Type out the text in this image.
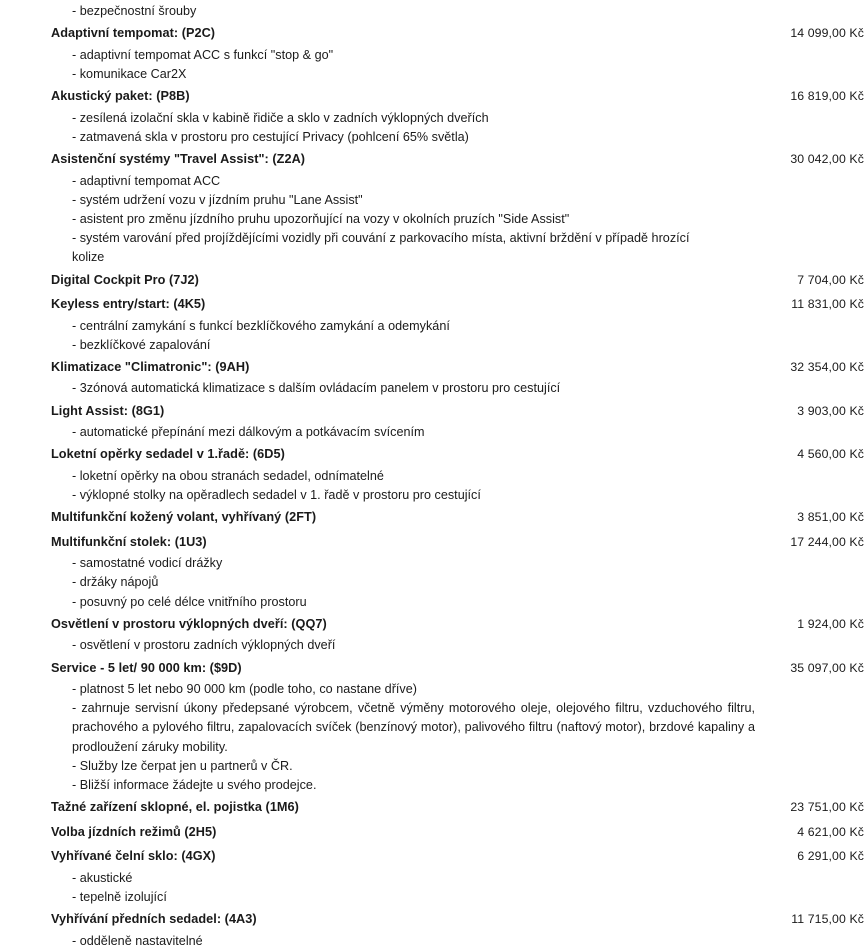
- bezpečnostní šrouby
Adaptivní tempomat: (P2C)	14 099,00 Kč
- adaptivní tempomat ACC s funkcí "stop & go"
- komunikace Car2X
Akustický paket: (P8B)	16 819,00 Kč
- zesílená izolační skla v kabině řidiče a sklo v zadních výklopných dveřích
- zatmavená skla v prostoru pro cestující Privacy (pohlcení 65% světla)
Asistenční systémy "Travel Assist": (Z2A)	30 042,00 Kč
- adaptivní tempomat ACC
- systém udržení vozu v jízdním pruhu "Lane Assist"
- asistent pro změnu jízdního pruhu upozorňující na vozy v okolních pruzích "Side Assist"
- systém varování před projíždějícími vozidly při couvání z parkovacího místa, aktivní brždění v případě hrozící
kolize
Digital Cockpit Pro (7J2)	7 704,00 Kč
Keyless entry/start: (4K5)	11 831,00 Kč
- centrální zamykání s funkcí bezklíčkového zamykání a odemykání
- bezklíčkové zapalování
Klimatizace "Climatronic": (9AH)	32 354,00 Kč
- 3zónová automatická klimatizace s dalším ovládacím panelem v prostoru pro cestující
Light Assist: (8G1)	3 903,00 Kč
- automatické přepínání mezi dálkovým a potkávacím svícením
Loketní opěrky sedadel v 1.řadě: (6D5)	4 560,00 Kč
- loketní opěrky na obou stranách sedadel, odnímatelné
- výklopné stolky na opěradlech sedadel v 1. řadě v prostoru pro cestující
Multifunkční kožený volant, vyhřívaný (2FT)	3 851,00 Kč
Multifunkční stolek: (1U3)	17 244,00 Kč
- samostatné vodicí drážky
- držáky nápojů
- posuvný po celé délce vnitřního prostoru
Osvětlení v prostoru výklopných dveří: (QQ7)	1 924,00 Kč
- osvětlení v prostoru zadních výklopných dveří
Service - 5 let/ 90 000 km: ($9D)	35 097,00 Kč
- platnost 5 let nebo 90 000 km (podle toho, co nastane dříve)
- zahrnuje servisní úkony předepsané výrobcem, včetně výměny motorového oleje, olejového filtru, vzduchového filtru, prachového a pylového filtru, zapalovacích svíček (benzínový motor), palivového filtru (naftový motor), brzdové kapaliny a prodloužení záruky mobility.
- Služby lze čerpat jen u partnerů v ČR.
- Bližší informace žádejte u svého prodejce.
Tažné zařízení sklopné, el. pojistka (1M6)	23 751,00 Kč
Volba jízdních režimů (2H5)	4 621,00 Kč
Vyhřívané čelní sklo: (4GX)	6 291,00 Kč
- akustické
- tepelně izolující
Vyhřívání předních sedadel: (4A3)	11 715,00 Kč
- odděleně nastavitelné
